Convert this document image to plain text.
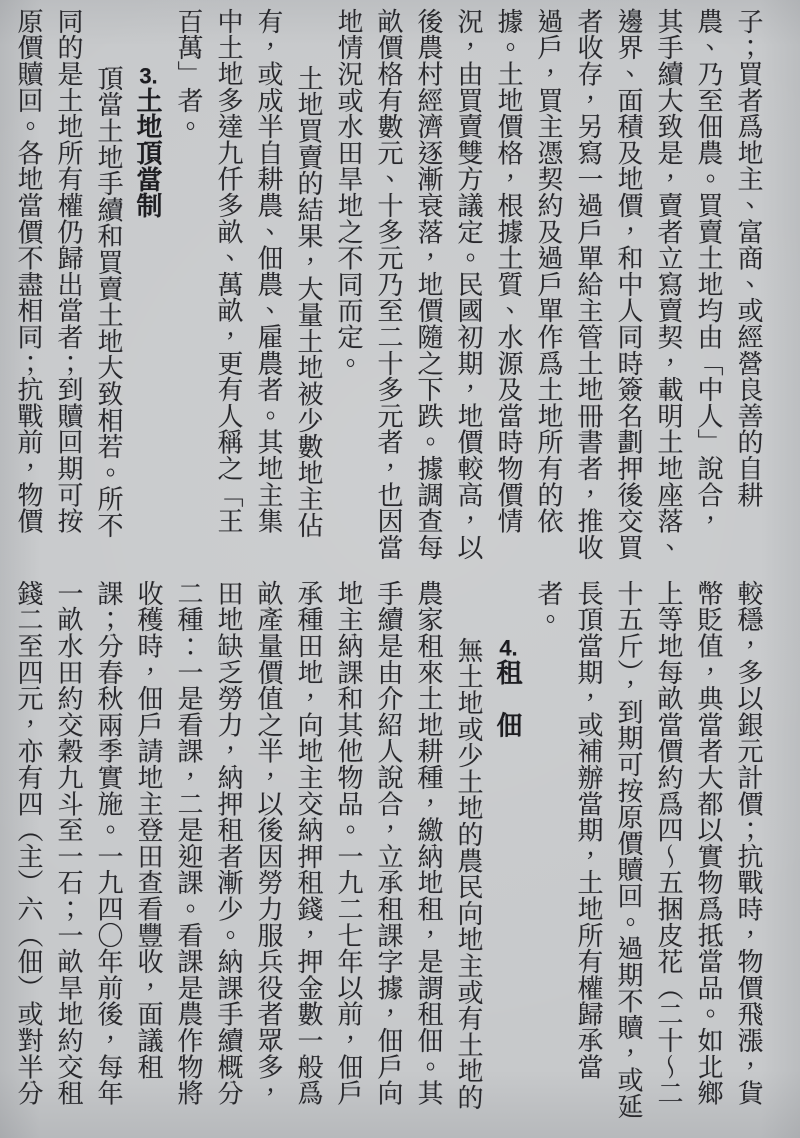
子；買者爲地主、富商、或經營良善的自耕
農、乃至佃農。買賣土地均由「中人」說合，
其手續大致是，賣者立寫賣契，載明土地座落、
邊界、面積及地價，和中人同時簽名劃押後交買
者收存，另寫一過戶單給主管土地冊書者，推收
過戶，買主憑契約及過戶單作爲土地所有的依
據。土地價格，根據土質、水源及當時物價情
況，由買賣雙方議定。民國初期，地價較高，以
後農村經濟逐漸衰落，地價隨之下跌。據調查每
畝價格有數元、十多元乃至二十多元者，也因當
地情況或水田旱地之不同而定。
土地買賣的結果，大量土地被少數地主佔
有，或成半自耕農、佃農、雇農者。其地主集
中土地多達九仟多畝、萬畝，更有人稱之「王
百萬」者。
3.土地頂當制
頂當土地手續和買賣土地大致相若。所不
同的是土地所有權仍歸出當者；到贖回期可按
原價贖回。各地當價不盡相同；抗戰前，物價
較穩，多以銀元計價；抗戰時，物價飛漲，貨
幣貶值，典當者大都以實物爲抵當品。如北鄉
上等地每畝當價約爲四～五捆皮花（二十～二
十五斤），到期可按原價贖回。過期不贖，或延
長頂當期，或補辦當期，土地所有權歸承當
者。
4.租　佃
無土地或少土地的農民向地主或有土地的
農家租來土地耕種，繳納地租，是謂租佃。其
手續是由介紹人說合，立承租課字據，佃戶向
地主納課和其他物品。一九二七年以前，佃戶
承種田地，向地主交納押租錢，押金數一般爲
畝產量價值之半，以後因勞力服兵役者眾多，
田地缺乏勞力，納押租者漸少。納課手續概分
二種：一是看課，二是迎課。看課是農作物將
收穫時，佃戶請地主登田查看豐收，面議租
課；分春秋兩季實施。一九四〇年前後，每年
一畝水田約交穀九斗至一石；一畝旱地約交租
錢二至四元，亦有四（主）六（佃）或對半分
